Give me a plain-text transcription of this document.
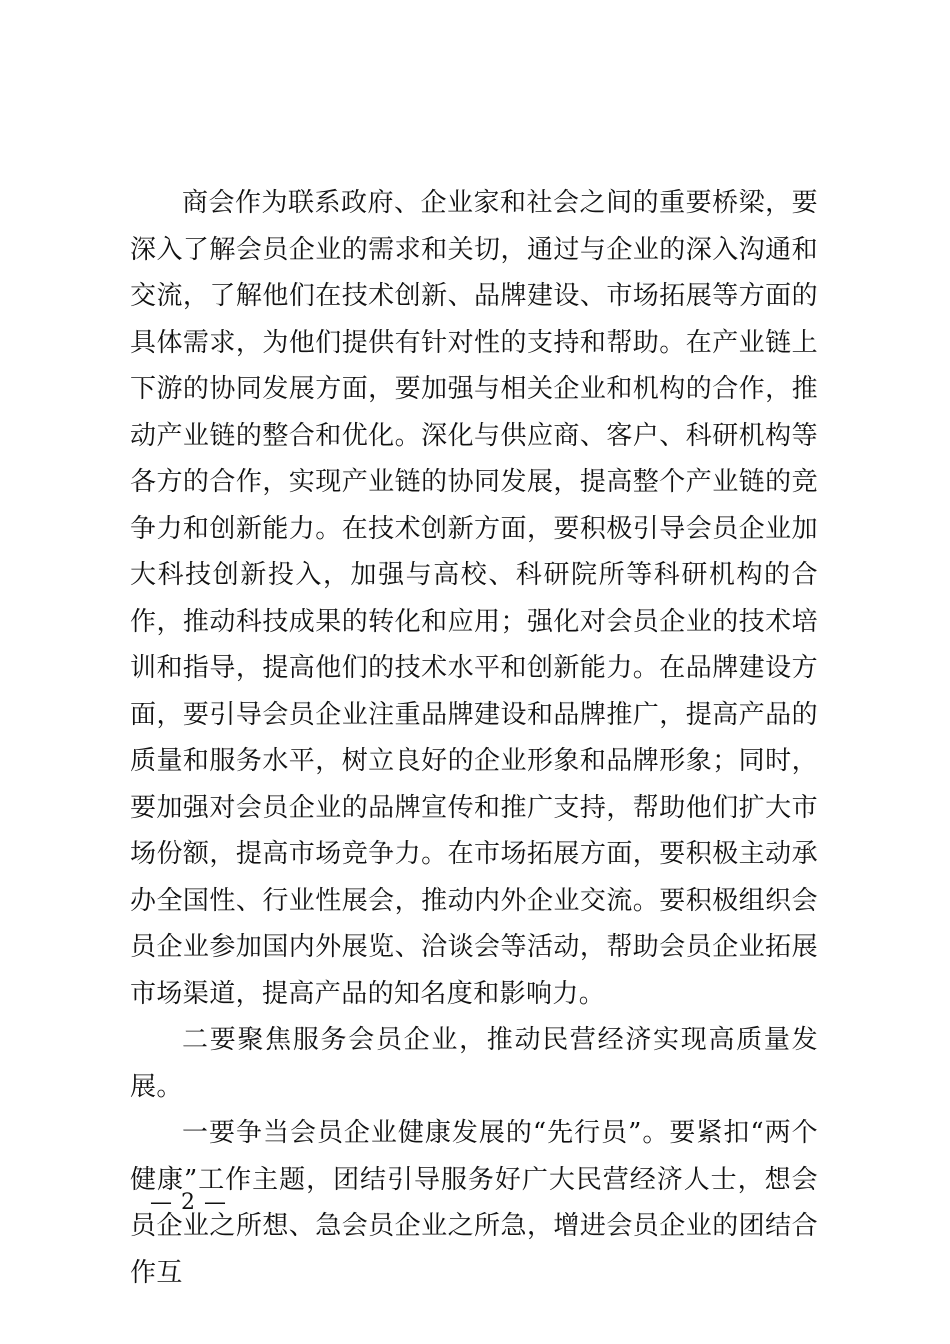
商会作为联系政府、企业家和社会之间的重要桥梁，要深入了解会员企业的需求和关切，通过与企业的深入沟通和交流，了解他们在技术创新、品牌建设、市场拓展等方面的具体需求，为他们提供有针对性的支持和帮助。在产业链上下游的协同发展方面，要加强与相关企业和机构的合作，推动产业链的整合和优化。深化与供应商、客户、科研机构等各方的合作，实现产业链的协同发展，提高整个产业链的竞争力和创新能力。在技术创新方面，要积极引导会员企业加大科技创新投入，加强与高校、科研院所等科研机构的合作，推动科技成果的转化和应用；强化对会员企业的技术培训和指导，提高他们的技术水平和创新能力。在品牌建设方面，要引导会员企业注重品牌建设和品牌推广，提高产品的质量和服务水平，树立良好的企业形象和品牌形象；同时，要加强对会员企业的品牌宣传和推广支持，帮助他们扩大市场份额，提高市场竞争力。在市场拓展方面，要积极主动承办全国性、行业性展会，推动内外企业交流。要积极组织会员企业参加国内外展览、洽谈会等活动，帮助会员企业拓展市场渠道，提高产品的知名度和影响力。

二要聚焦服务会员企业，推动民营经济实现高质量发展。

一要争当会员企业健康发展的“先行员”。要紧扣“两个健康”工作主题，团结引导服务好广大民营经济人士，想会员企业之所想、急会员企业之所急，增进会员企业的团结合作互

— 2 —
